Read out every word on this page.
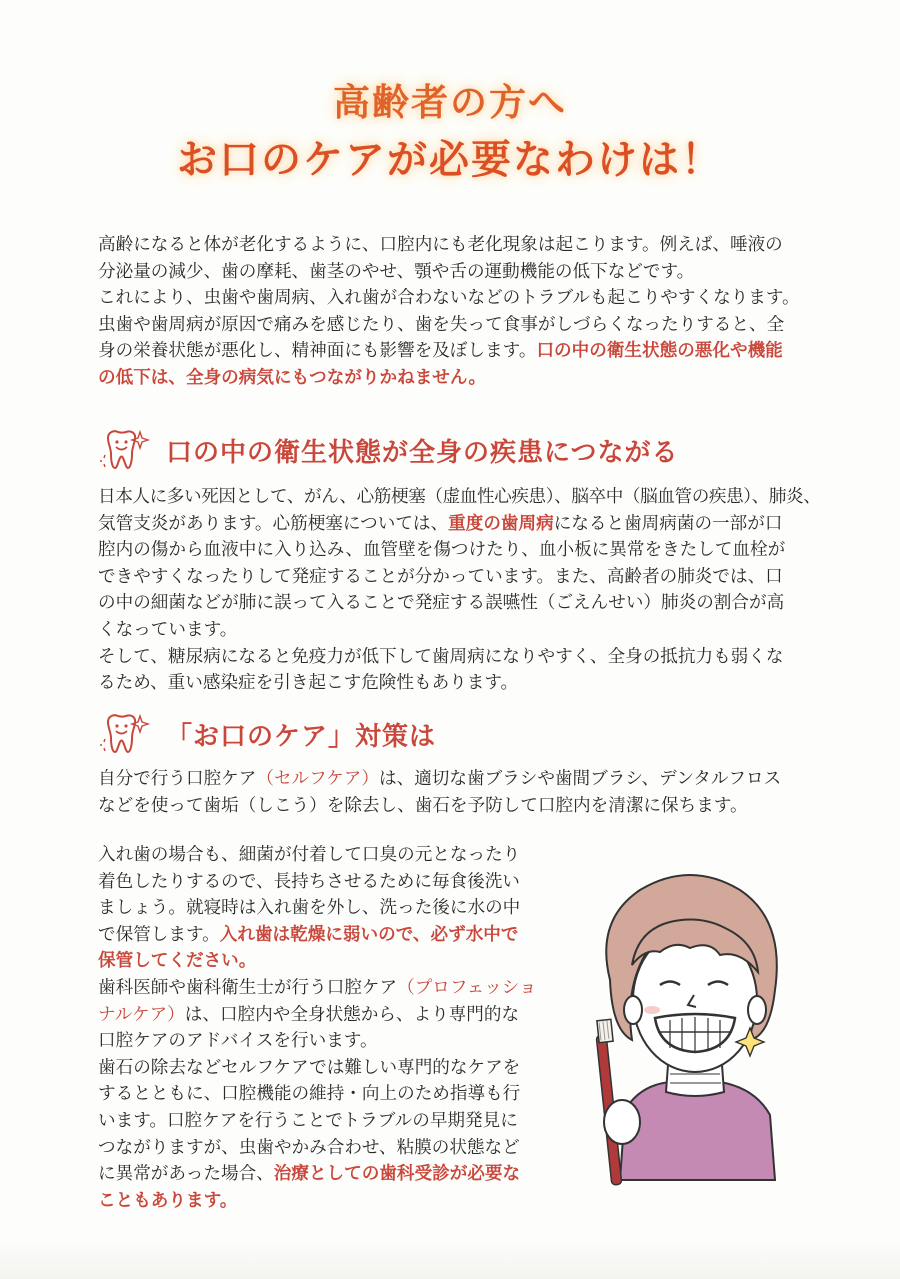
高齢者の方へ
お口のケアが必要なわけは！
高齢になると体が老化するように、口腔内にも老化現象は起こります。例えば、唾液の
分泌量の減少、歯の摩耗、歯茎のやせ、顎や舌の運動機能の低下などです。
これにより、虫歯や歯周病、入れ歯が合わないなどのトラブルも起こりやすくなります。
虫歯や歯周病が原因で痛みを感じたり、歯を失って食事がしづらくなったりすると、全
身の栄養状態が悪化し、精神面にも影響を及ぼします。口の中の衛生状態の悪化や機能
の低下は、全身の病気にもつながりかねません。
口の中の衛生状態が全身の疾患につながる
日本人に多い死因として、がん、心筋梗塞（虚血性心疾患）、脳卒中（脳血管の疾患）、肺炎、
気管支炎があります。心筋梗塞については、重度の歯周病になると歯周病菌の一部が口
腔内の傷から血液中に入り込み、血管壁を傷つけたり、血小板に異常をきたして血栓が
できやすくなったりして発症することが分かっています。また、高齢者の肺炎では、口
の中の細菌などが肺に誤って入ることで発症する誤嚥性（ごえんせい）肺炎の割合が高
くなっています。
そして、糖尿病になると免疫力が低下して歯周病になりやすく、全身の抵抗力も弱くな
るため、重い感染症を引き起こす危険性もあります。
「お口のケア」対策は
自分で行う口腔ケア（セルフケア）は、適切な歯ブラシや歯間ブラシ、デンタルフロス
などを使って歯垢（しこう）を除去し、歯石を予防して口腔内を清潔に保ちます。
入れ歯の場合も、細菌が付着して口臭の元となったり
着色したりするので、長持ちさせるために毎食後洗い
ましょう。就寝時は入れ歯を外し、洗った後に水の中
で保管します。入れ歯は乾燥に弱いので、必ず水中で
保管してください。
歯科医師や歯科衛生士が行う口腔ケア（プロフェッショ
ナルケア）は、口腔内や全身状態から、より専門的な
口腔ケアのアドバイスを行います。
歯石の除去などセルフケアでは難しい専門的なケアを
するとともに、口腔機能の維持・向上のため指導も行
います。口腔ケアを行うことでトラブルの早期発見に
つながりますが、虫歯やかみ合わせ、粘膜の状態など
に異常があった場合、治療としての歯科受診が必要な
こともあります。
